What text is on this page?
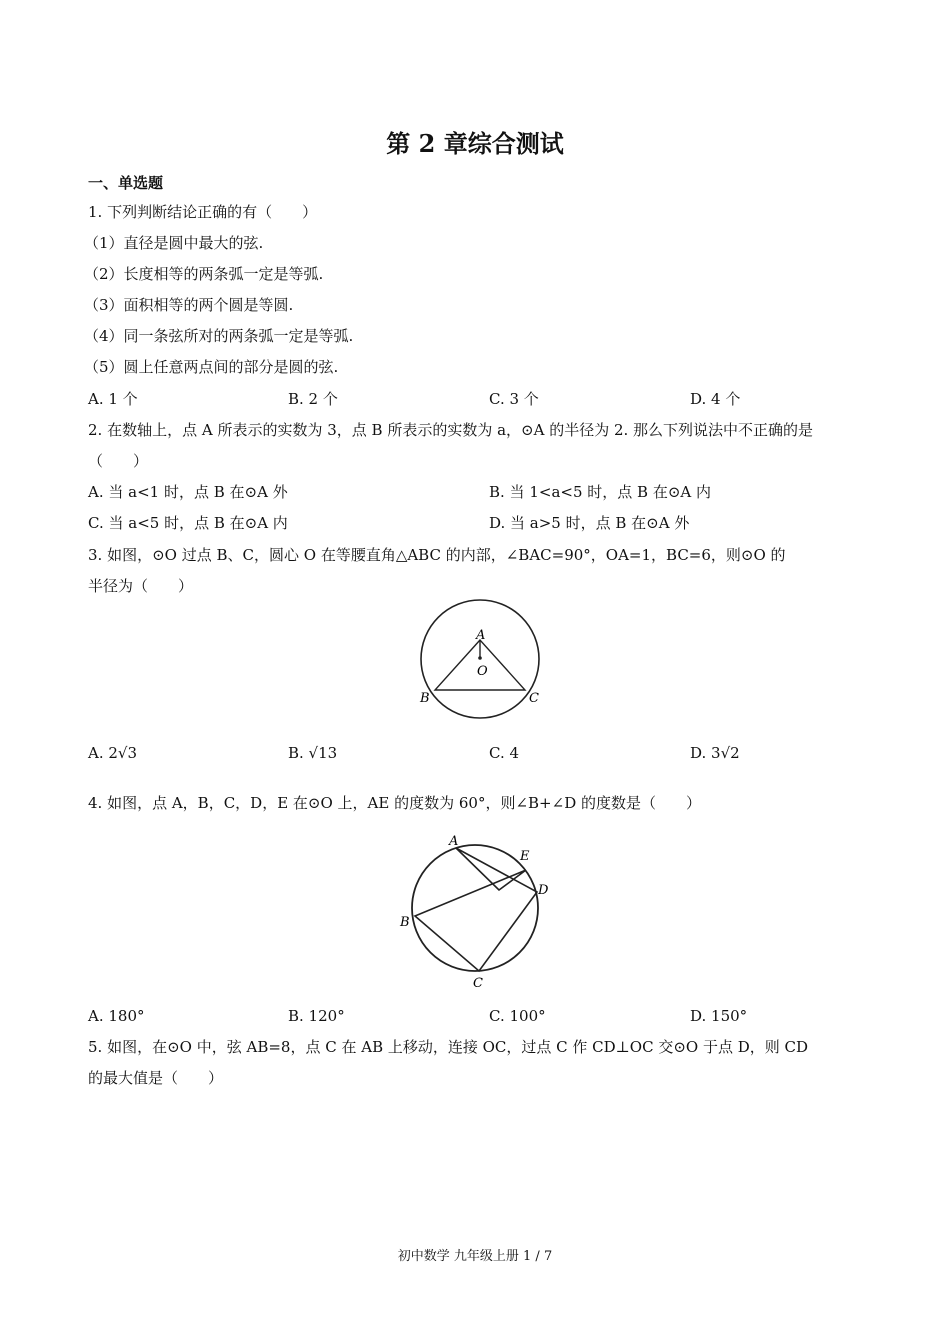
第 2 章综合测试
一、单选题
1. 下列判断结论正确的有（　　）
（1）直径是圆中最大的弦.
（2）长度相等的两条弧一定是等弧.
（3）面积相等的两个圆是等圆.
（4）同一条弦所对的两条弧一定是等弧.
（5）圆上任意两点间的部分是圆的弦.
A. 1 个	B. 2 个	C. 3 个	D. 4 个
2. 在数轴上，点 A 所表示的实数为 3，点 B 所表示的实数为 a，⊙A 的半径为 2. 那么下列说法中不正确的是
（　　）
A. 当 a<1 时，点 B 在⊙A 外	B. 当 1<a<5 时，点 B 在⊙A 内
C. 当 a<5 时，点 B 在⊙A 内	D. 当 a>5 时，点 B 在⊙A 外
3. 如图，⊙O 过点 B、C，圆心 O 在等腰直角△ABC 的内部，∠BAC=90°，OA=1，BC=6，则⊙O 的
半径为（　　）
A
O
B	C
A. 2√3	B. √13	C. 4	D. 3√2
4. 如图，点 A，B，C，D，E 在⊙O 上，AE 的度数为 60°，则∠B+∠D 的度数是（　　）
A
E
D
B
C
A. 180°	B. 120°	C. 100°	D. 150°
5. 如图，在⊙O 中，弦 AB=8，点 C 在 AB 上移动，连接 OC，过点 C 作 CD⊥OC 交⊙O 于点 D，则 CD
的最大值是（　　）
初中数学 九年级上册 1 / 7
